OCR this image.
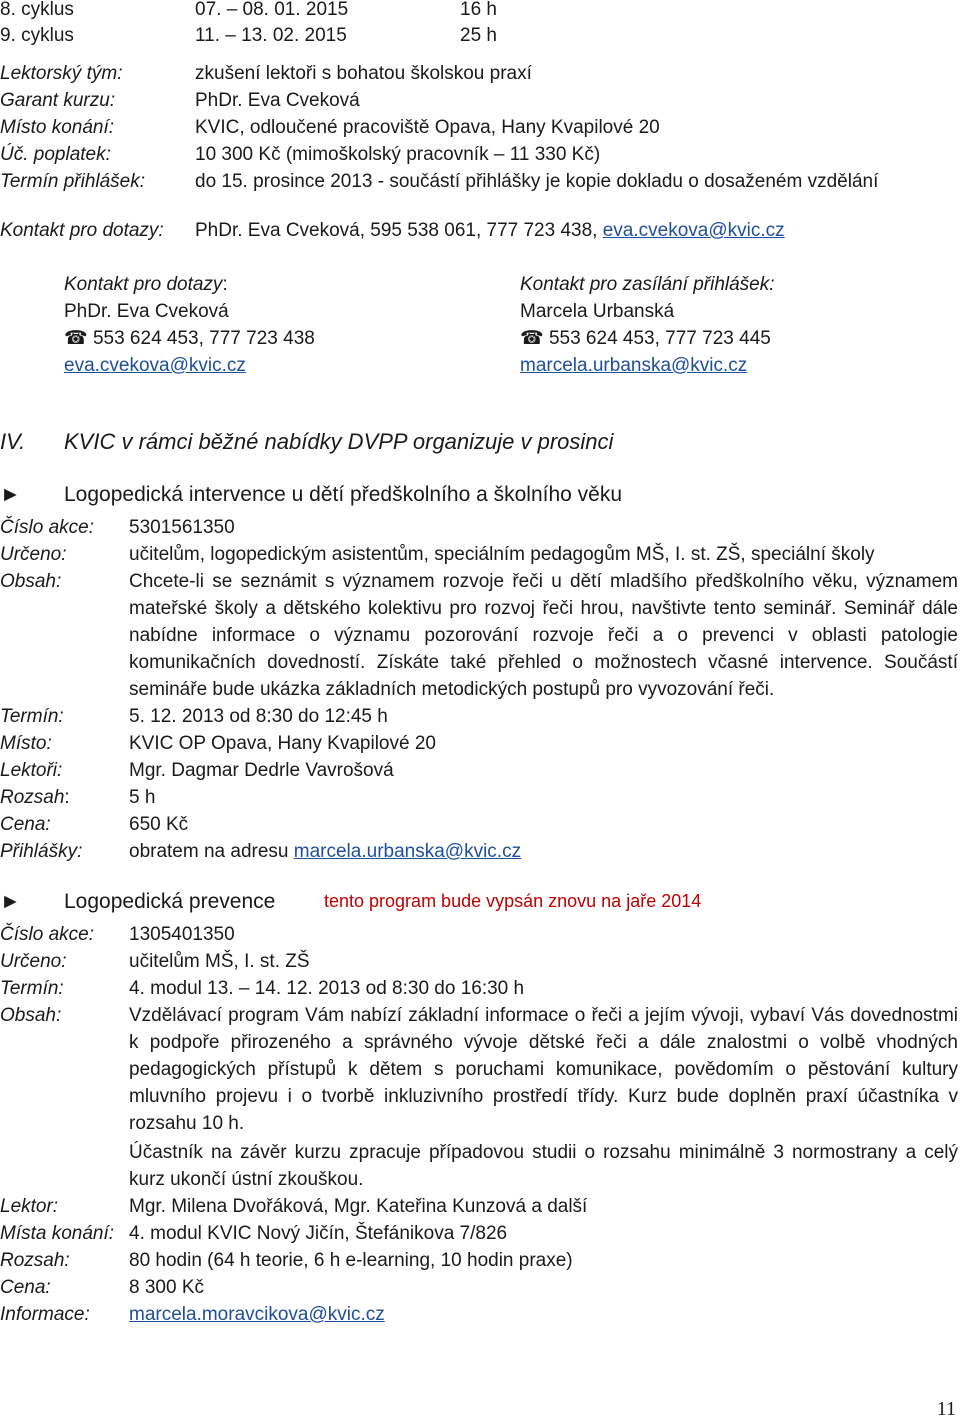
8. cyklus	07. – 08. 01. 2015	16 h
9. cyklus	11. – 13. 02. 2015	25 h
Lektorský tým:	zkušení lektoři s bohatou školskou praxí
Garant kurzu:	PhDr. Eva Cveková
Místo konání:	KVIC, odloučené pracoviště Opava, Hany Kvapilové 20
Úč. poplatek:	10 300 Kč (mimoškolský pracovník – 11 330 Kč)
Termín přihlášek:	do 15. prosince 2013 - součástí přihlášky je kopie dokladu o dosaženém vzdělání
Kontakt pro dotazy: PhDr. Eva Cveková, 595 538 061, 777 723 438, eva.cvekova@kvic.cz
Kontakt pro dotazy:
PhDr. Eva Cveková
☎ 553 624 453, 777 723 438
eva.cvekova@kvic.cz
Kontakt pro zasílání přihlášek:
Marcela Urbanská
☎ 553 624 453, 777 723 445
marcela.urbanska@kvic.cz
IV. KVIC v rámci běžné nabídky DVPP organizuje v prosinci
► Logopedická intervence u dětí předškolního a školního věku
Číslo akce: 5301561350
Určeno:	učitelům, logopedickým asistentům, speciálním pedagogům MŠ, I. st. ZŠ, speciální školy
Obsah:	Chcete-li se seznámit s významem rozvoje řeči u dětí mladšího předškolního věku, významem mateřské školy a dětského kolektivu pro rozvoj řeči hrou, navštivte tento seminář. Seminář dále nabídne informace o významu pozorování rozvoje řeči a o prevenci v oblasti patologie komunikačních dovedností. Získáte také přehled o možnostech včasné intervence. Součástí semináře bude ukázka základních metodických postupů pro vyvozování řeči.
Termín:	5. 12. 2013 od 8:30 do 12:45 h
Místo:	KVIC OP Opava, Hany Kvapilové 20
Lektoři:	Mgr. Dagmar Dedrle Vavrošová
Rozsah:	5 h
Cena:	650 Kč
Přihlášky: obratem na adresu marcela.urbanska@kvic.cz
► Logopedická prevence	tento program bude vypsán znovu na jaře 2014
Číslo akce: 1305401350
Určeno:	učitelům MŠ, I. st. ZŠ
Termín:	4. modul 13. – 14. 12. 2013 od 8:30 do 16:30 h
Obsah:	Vzdělávací program Vám nabízí základní informace o řeči a jejím vývoji, vybaví Vás dovednostmi k podpoře přirozeného a správného vývoje dětské řeči a dále znalostmi o volbě vhodných pedagogických přístupů k dětem s poruchami komunikace, povědomím o pěstování kultury mluvního projevu i o tvorbě inkluzivního prostředí třídy. Kurz bude doplněn praxí účastníka v rozsahu 10 h.
Účastník na závěr kurzu zpracuje případovou studii o rozsahu minimálně 3 normostrany a celý kurz ukončí ústní zkouškou.
Lektor:	Mgr. Milena Dvořáková, Mgr. Kateřina Kunzová a další
Místa konání: 4. modul KVIC Nový Jičín, Štefánikova 7/826
Rozsah:	80 hodin (64 h teorie, 6 h e-learning, 10 hodin praxe)
Cena:	8 300 Kč
Informace: marcela.moravcikova@kvic.cz
11
